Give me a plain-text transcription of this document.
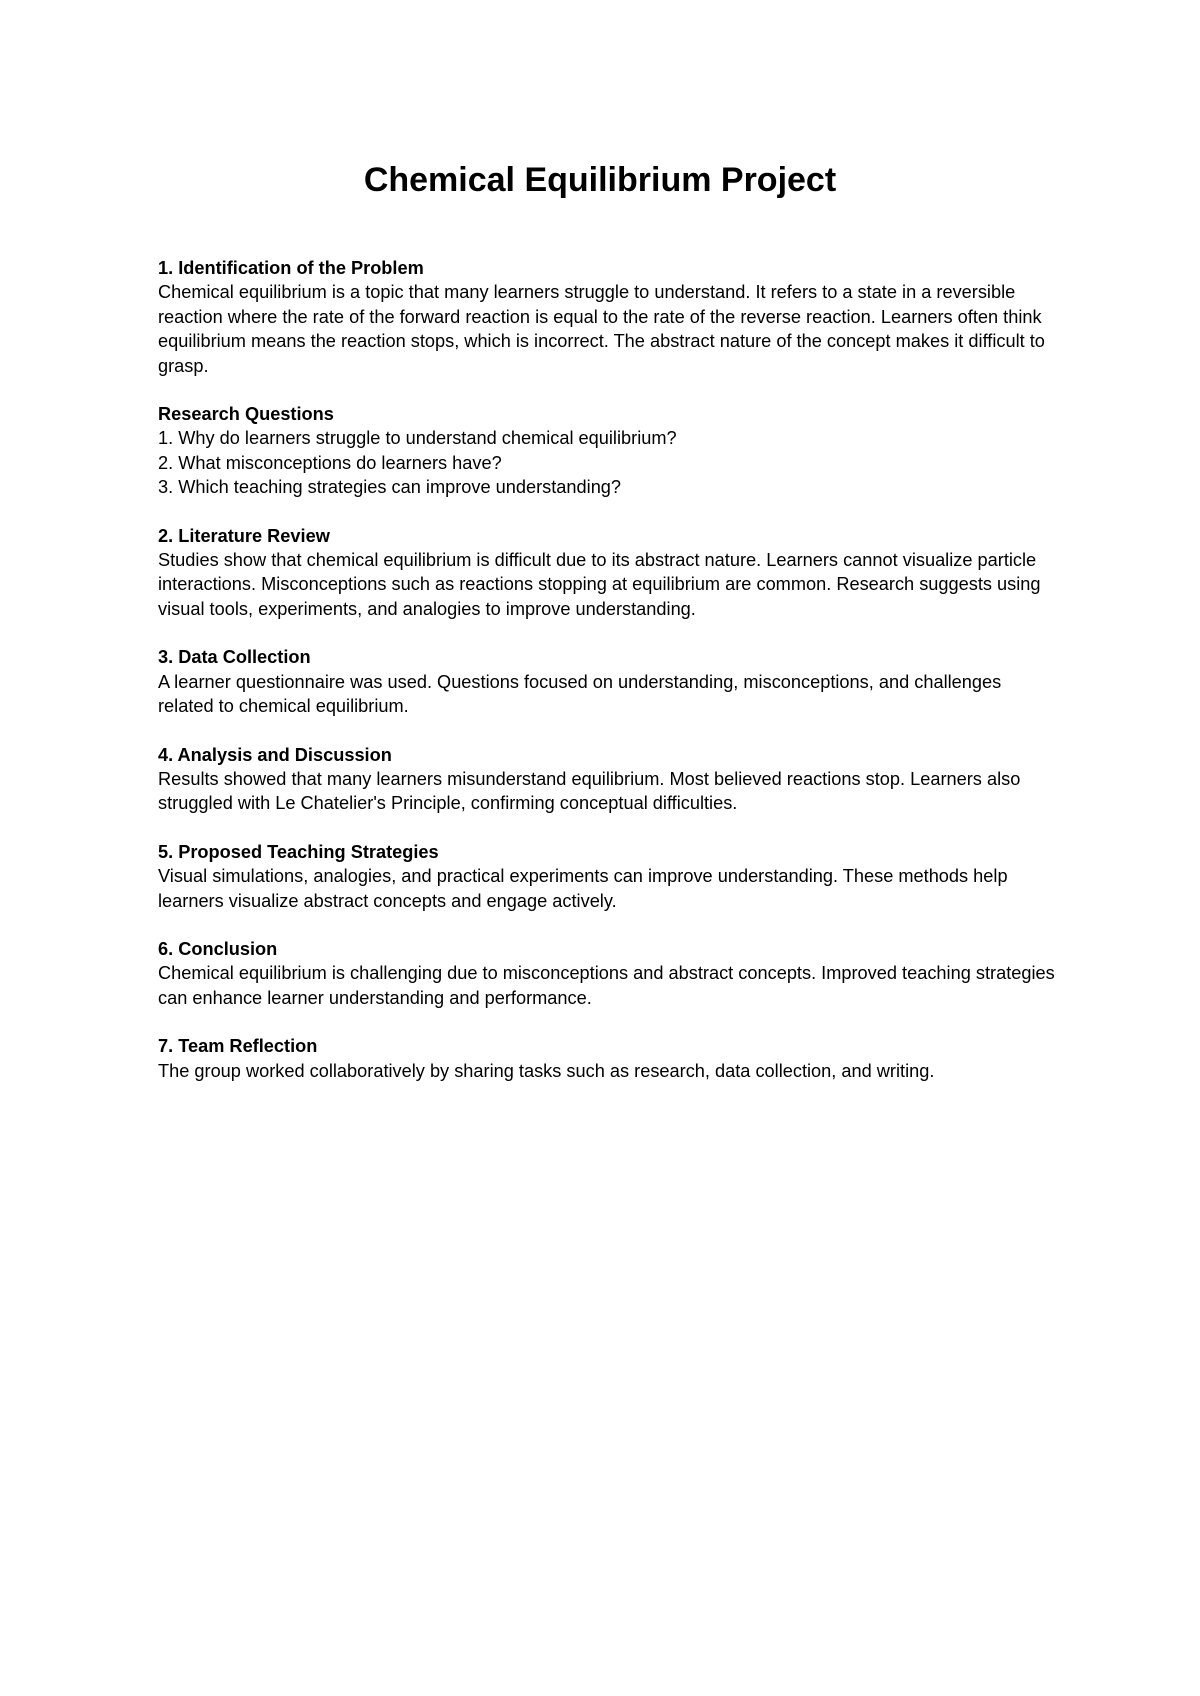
Chemical Equilibrium Project

1. Identification of the Problem

Chemical equilibrium is a topic that many learners struggle to understand. It refers to a state in a reversible reaction where the rate of the forward reaction is equal to the rate of the reverse reaction. Learners often think equilibrium means the reaction stops, which is incorrect. The abstract nature of the concept makes it difficult to grasp.

Research Questions

1. Why do learners struggle to understand chemical equilibrium?
2. What misconceptions do learners have?
3. Which teaching strategies can improve understanding?

2. Literature Review

Studies show that chemical equilibrium is difficult due to its abstract nature. Learners cannot visualize particle interactions. Misconceptions such as reactions stopping at equilibrium are common. Research suggests using visual tools, experiments, and analogies to improve understanding.

3. Data Collection

A learner questionnaire was used. Questions focused on understanding, misconceptions, and challenges related to chemical equilibrium.

4. Analysis and Discussion

Results showed that many learners misunderstand equilibrium. Most believed reactions stop. Learners also struggled with Le Chatelier's Principle, confirming conceptual difficulties.

5. Proposed Teaching Strategies

Visual simulations, analogies, and practical experiments can improve understanding. These methods help learners visualize abstract concepts and engage actively.

6. Conclusion

Chemical equilibrium is challenging due to misconceptions and abstract concepts. Improved teaching strategies can enhance learner understanding and performance.

7. Team Reflection

The group worked collaboratively by sharing tasks such as research, data collection, and writing.
